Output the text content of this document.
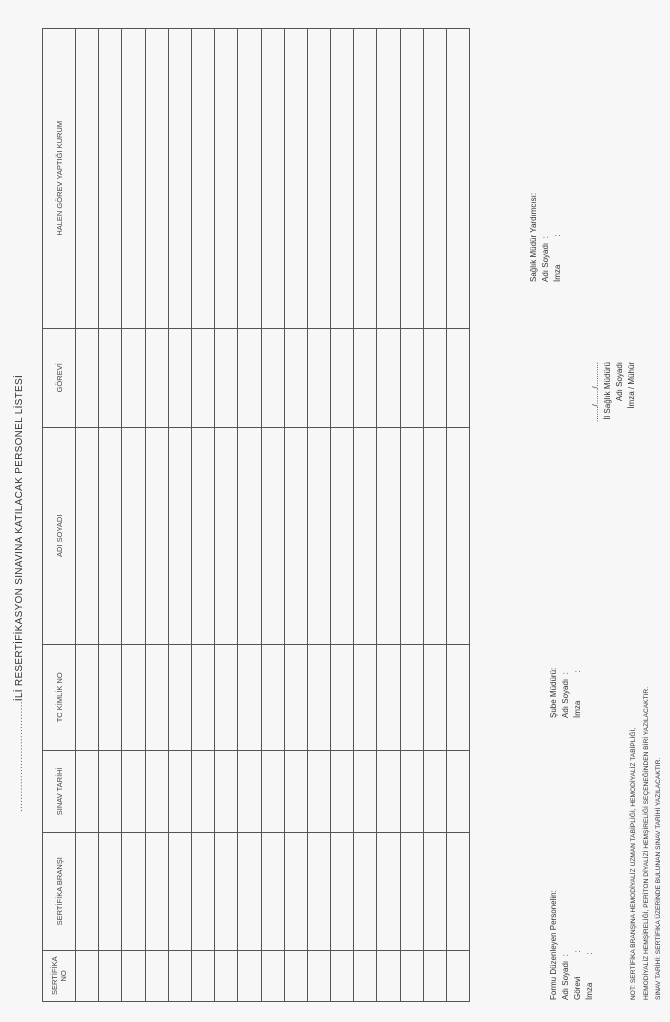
....................................İLİ RESERTİFİKASYON SINAVINA KATILACAK PERSONEL LİSTESİ
SERTİFİKA NO	SERTİFİKA BRANŞI	SINAV TARİHİ	TC KİMLİK NO	ADI SOYADI	GÖREVİ	HALEN GÖREV YAPTIĞI KURUM

Formu Düzenleyen Personelin: Adı Soyadı  :
Görevi:
İmza:
Şube Müdürü: Adı Soyadı  :
İmza:
......./......./........... İl Sağlık Müdürü Adı Soyadı İmza / Mühür
Sağlık Müdür Yardımcısı: Adı Soyadı  :
İmza:
NOT: SERTİFİKA BRANŞINA HEMODİYALİZ UZMAN TABİPLİĞİ, HEMODİYALİZ TABİPLİĞİ, HEMODİYALİZ HEMŞİRELİĞİ, PERİTON DİYALİZİ HEMŞİRELİĞİ SEÇENEĞİNDEN BİRİ YAZILACAKTIR. SINAV TARİHİ: SERTİFİKA ÜZERİNDE BULUNAN SINAV TARİHİ YAZILACAKTIR.
